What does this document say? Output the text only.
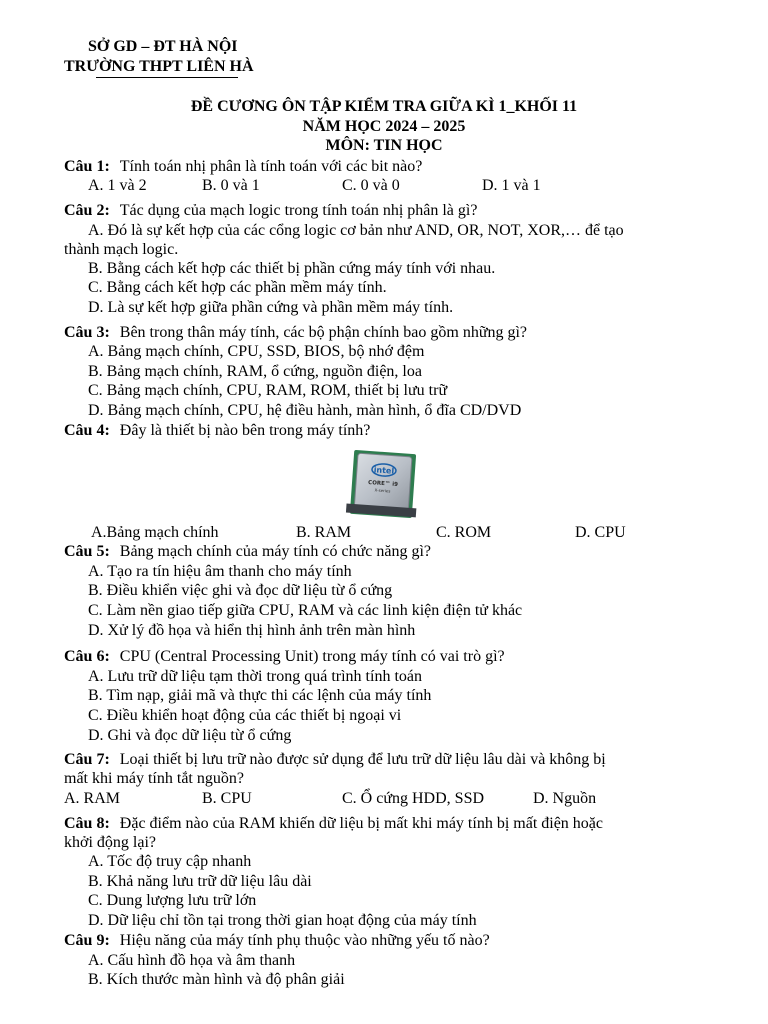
SỞ GD – ĐT HÀ NỘI
TRƯỜNG THPT LIÊN HÀ
ĐỀ CƯƠNG ÔN TẬP KIỂM TRA GIỮA KÌ 1_KHỐI 11
NĂM HỌC 2024 – 2025
MÔN: TIN HỌC
Câu 1: Tính toán nhị phân là tính toán với các bit nào?
A. 1 và 2	B. 0 và 1	C. 0 và 0	D. 1 và 1
Câu 2: Tác dụng của mạch logic trong tính toán nhị phân là gì?
A. Đó là sự kết hợp của các cổng logic cơ bản như AND, OR, NOT, XOR,… để tạo
thành mạch logic.
B. Bằng cách kết hợp các thiết bị phần cứng máy tính với nhau.
C. Bằng cách kết hợp các phần mềm máy tính.
D. Là sự kết hợp giữa phần cứng và phần mềm máy tính.
Câu 3: Bên trong thân máy tính, các bộ phận chính bao gồm những gì?
A. Bảng mạch chính, CPU, SSD, BIOS, bộ nhớ đệm
B. Bảng mạch chính, RAM, ổ cứng, nguồn điện, loa
C. Bảng mạch chính, CPU, RAM, ROM, thiết bị lưu trữ
D. Bảng mạch chính, CPU, hệ điều hành, màn hình, ổ đĩa CD/DVD
Câu 4: Đây là thiết bị nào bên trong máy tính?
intel
CORE™ i9
X-series
A.Bảng mạch chính	B. RAM	C. ROM	D. CPU
Câu 5: Bảng mạch chính của máy tính có chức năng gì?
A. Tạo ra tín hiệu âm thanh cho máy tính
B. Điều khiển việc ghi và đọc dữ liệu từ ổ cứng
C. Làm nền giao tiếp giữa CPU, RAM và các linh kiện điện tử khác
D. Xử lý đồ họa và hiển thị hình ảnh trên màn hình
Câu 6: CPU (Central Processing Unit) trong máy tính có vai trò gì?
A. Lưu trữ dữ liệu tạm thời trong quá trình tính toán
B. Tìm nạp, giải mã và thực thi các lệnh của máy tính
C. Điều khiển hoạt động của các thiết bị ngoại vi
D. Ghi và đọc dữ liệu từ ổ cứng
Câu 7: Loại thiết bị lưu trữ nào được sử dụng để lưu trữ dữ liệu lâu dài và không bị
mất khi máy tính tắt nguồn?
A. RAM	B. CPU	C. Ổ cứng HDD, SSD	D. Nguồn
Câu 8: Đặc điểm nào của RAM khiến dữ liệu bị mất khi máy tính bị mất điện hoặc
khởi động lại?
A. Tốc độ truy cập nhanh
B. Khả năng lưu trữ dữ liệu lâu dài
C. Dung lượng lưu trữ lớn
D. Dữ liệu chỉ tồn tại trong thời gian hoạt động của máy tính
Câu 9: Hiệu năng của máy tính phụ thuộc vào những yếu tố nào?
A. Cấu hình đồ họa và âm thanh
B. Kích thước màn hình và độ phân giải
